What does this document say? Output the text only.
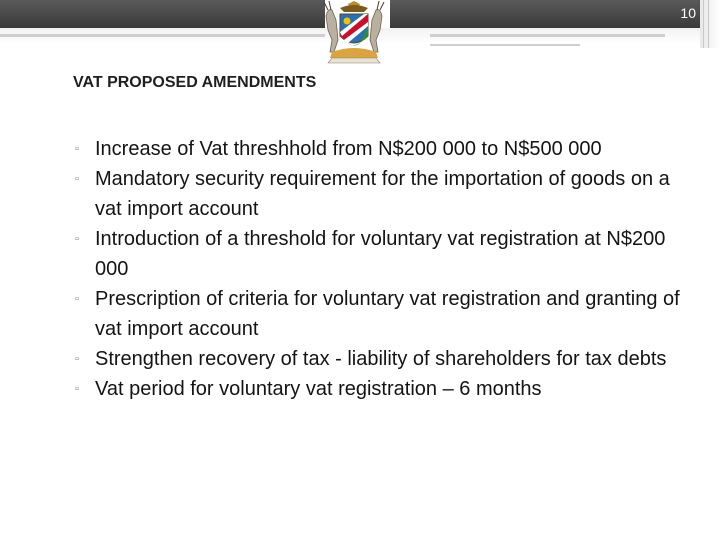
10
VAT PROPOSED AMENDMENTS
▫ Increase of Vat threshhold from N$200 000 to N$500 000
▫ Mandatory security requirement for the importation of goods on a vat import account
▫ Introduction of a threshold for voluntary vat registration at N$200 000
▫ Prescription of criteria for voluntary vat registration and granting of vat import account
▫ Strengthen recovery of tax - liability of shareholders for tax debts
▫ Vat period for voluntary vat registration – 6 months
